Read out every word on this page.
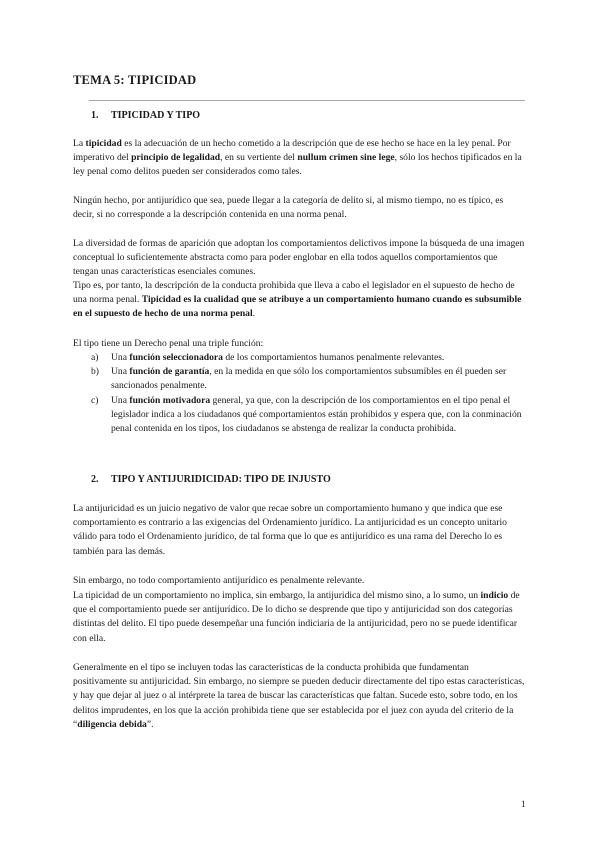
TEMA 5: TIPICIDAD
1. TIPICIDAD Y TIPO

La tipicidad es la adecuación de un hecho cometido a la descripción que de ese hecho se hace en la ley penal. Por imperativo del principio de legalidad, en su vertiente del nullum crimen sine lege, sólo los hechos tipificados en la ley penal como delitos pueden ser considerados como tales.

Ningún hecho, por antijurídico que sea, puede llegar a la categoría de delito si, al mismo tiempo, no es típico, es decir, si no corresponde a la descripción contenida en una norma penal.

La diversidad de formas de aparición que adoptan los comportamientos delictivos impone la búsqueda de una imagen conceptual lo suficientemente abstracta como para poder englobar en ella todos aquellos comportamientos que tengan unas características esenciales comunes.

Tipo es, por tanto, la descripción de la conducta prohibida que lleva a cabo el legislador en el supuesto de hecho de una norma penal. Tipicidad es la cualidad que se atribuye a un comportamiento humano cuando es subsumible en el supuesto de hecho de una norma penal.

El tipo tiene un Derecho penal una triple función:

a) Una función seleccionadora de los comportamientos humanos penalmente relevantes.
b) Una función de garantía, en la medida en que sólo los comportamientos subsumibles en él pueden ser sancionados penalmente.
c) Una función motivadora general, ya que, con la descripción de los comportamientos en el tipo penal el legislador indica a los ciudadanos qué comportamientos están prohibidos y espera que, con la conminación penal contenida en los tipos, los ciudadanos se abstenga de realizar la conducta prohibida.
2. TIPO Y ANTIJURIDICIDAD: TIPO DE INJUSTO

La antijuricidad es un juicio negativo de valor que recae sobre un comportamiento humano y que indica que ese comportamiento es contrario a las exigencias del Ordenamiento jurídico. La antijuricidad es un concepto unitario válido para todo el Ordenamiento jurídico, de tal forma que lo que es antijurídico es una rama del Derecho lo es también para las demás.

Sin embargo, no todo comportamiento antijurídico es penalmente relevante.

La tipicidad de un comportamiento no implica, sin embargo, la antijuridica del mismo sino, a lo sumo, un indicio de que el comportamiento puede ser antijurídico. De lo dicho se desprende que tipo y antijuricidad son dos categorías distintas del delito. El tipo puede desempeñar una función indiciaria de la antijuricidad, pero no se puede identificar con ella.

Generalmente en el tipo se incluyen todas las características de la conducta prohibida que fundamentan positivamente su antijuricidad. Sin embargo, no siempre se pueden deducir directamente del tipo estas características, y hay que dejar al juez o al intérprete la tarea de buscar las características que faltan. Sucede esto, sobre todo, en los delitos imprudentes, en los que la acción prohibida tiene que ser establecida por el juez con ayuda del criterio de la “diligencia debida”.

1
